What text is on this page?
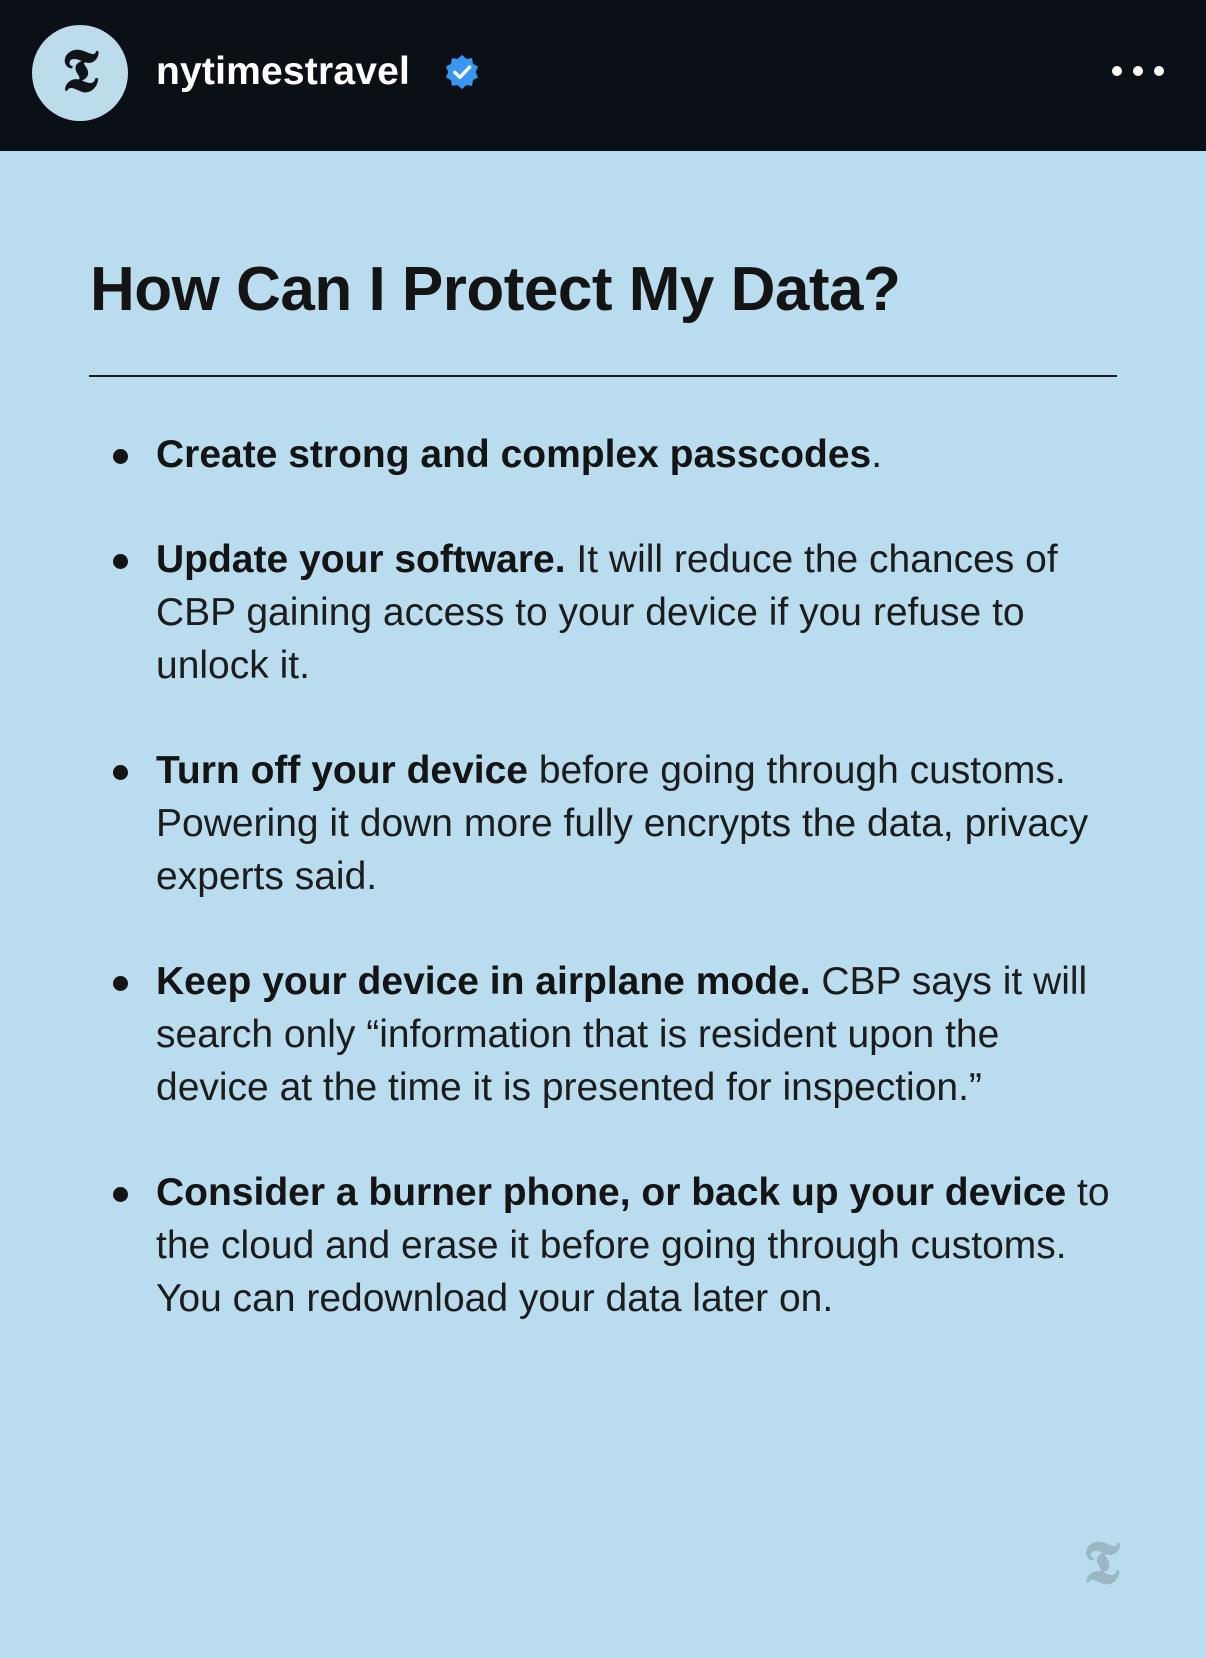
𝕿 nytimestravel
How Can I Protect My Data?
Create strong and complex passcodes.
Update your software. It will reduce the chances of CBP gaining access to your device if you refuse to unlock it.
Turn off your device before going through customs. Powering it down more fully encrypts the data, privacy experts said.
Keep your device in airplane mode. CBP says it will search only “information that is resident upon the device at the time it is presented for inspection.”
Consider a burner phone, or back up your device to the cloud and erase it before going through customs. You can redownload your data later on.
𝕿
